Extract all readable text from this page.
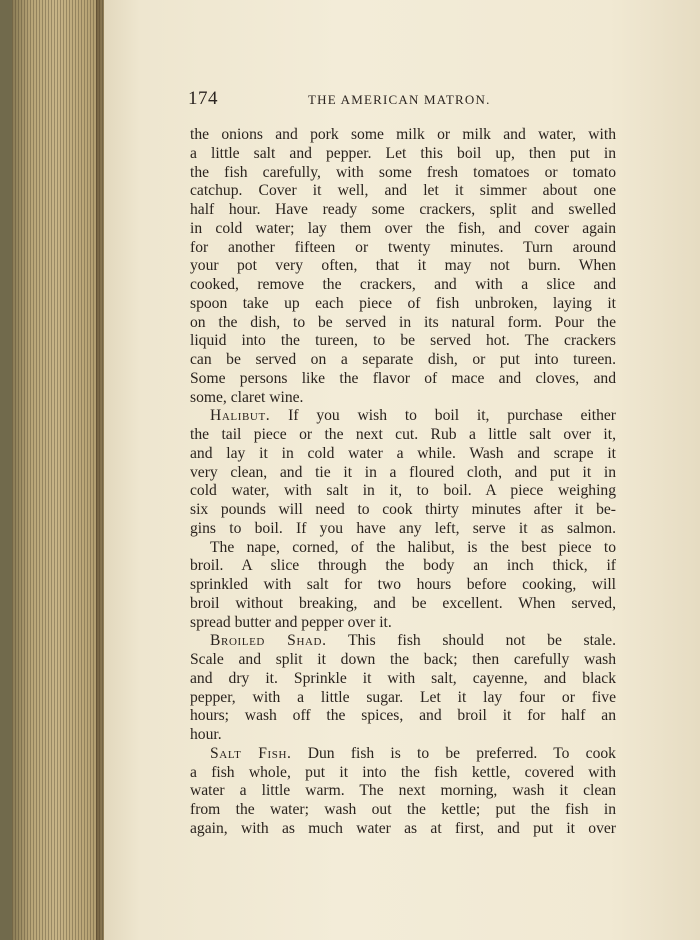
174	THE AMERICAN MATRON.
the onions and pork some milk or milk and water, with
a little salt and pepper. Let this boil up, then put in
the fish carefully, with some fresh tomatoes or tomato
catchup. Cover it well, and let it simmer about one
half hour. Have ready some crackers, split and swelled
in cold water; lay them over the fish, and cover again
for another fifteen or twenty minutes. Turn around
your pot very often, that it may not burn. When
cooked, remove the crackers, and with a slice and
spoon take up each piece of fish unbroken, laying it
on the dish, to be served in its natural form. Pour the
liquid into the tureen, to be served hot. The crackers
can be served on a separate dish, or put into tureen.
Some persons like the flavor of mace and cloves, and
some, claret wine.
Halibut. If you wish to boil it, purchase either
the tail piece or the next cut. Rub a little salt over it,
and lay it in cold water a while. Wash and scrape it
very clean, and tie it in a floured cloth, and put it in
cold water, with salt in it, to boil. A piece weighing
six pounds will need to cook thirty minutes after it be-
gins to boil. If you have any left, serve it as salmon.
The nape, corned, of the halibut, is the best piece to
broil. A slice through the body an inch thick, if
sprinkled with salt for two hours before cooking, will
broil without breaking, and be excellent. When served,
spread butter and pepper over it.
Broiled Shad. This fish should not be stale.
Scale and split it down the back; then carefully wash
and dry it. Sprinkle it with salt, cayenne, and black
pepper, with a little sugar. Let it lay four or five
hours; wash off the spices, and broil it for half an
hour.
Salt Fish. Dun fish is to be preferred. To cook
a fish whole, put it into the fish kettle, covered with
water a little warm. The next morning, wash it clean
from the water; wash out the kettle; put the fish in
again, with as much water as at first, and put it over
